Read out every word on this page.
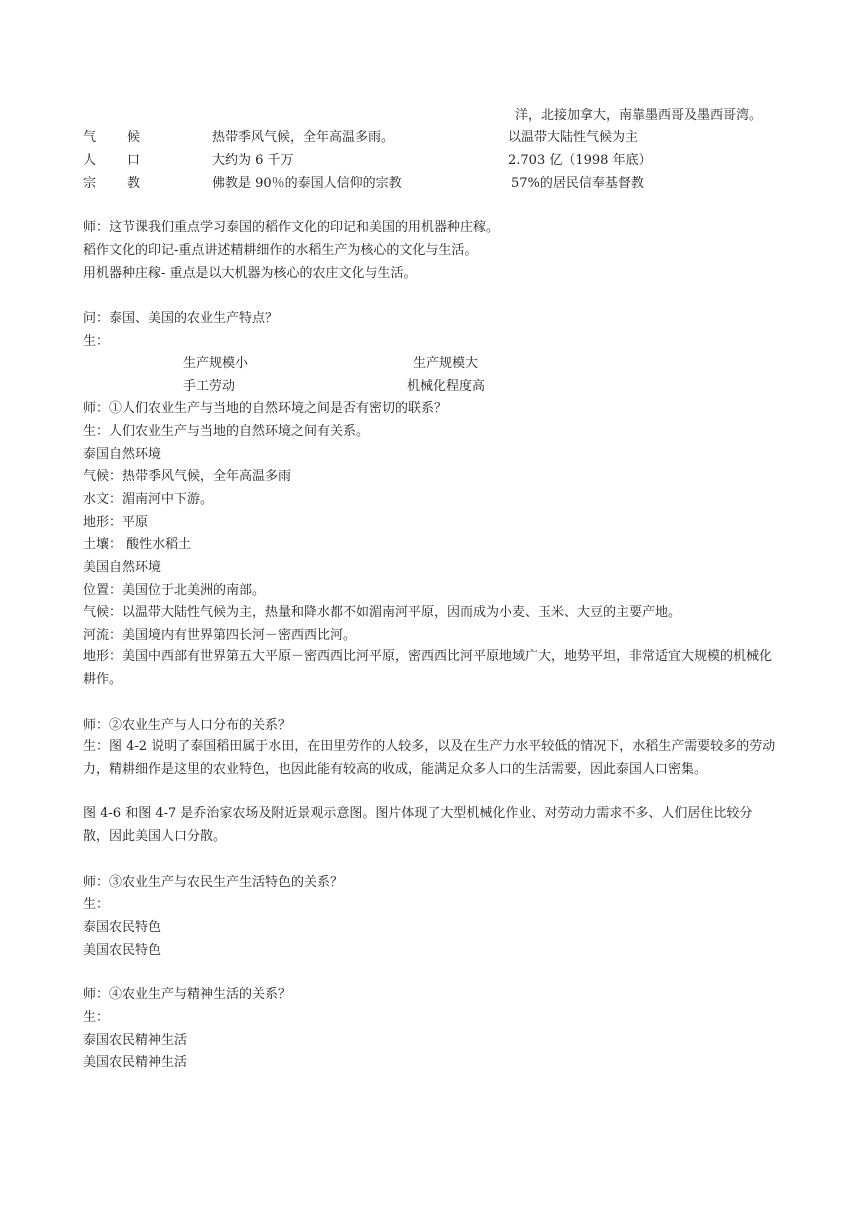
洋，北接加拿大，南靠墨西哥及墨西哥湾。
气 候	热带季风气候，全年高温多雨。	以温带大陆性气候为主
人 口	大约为 6 千万	2.703 亿（1998 年底）
宗 教	佛教是 90％的泰国人信仰的宗教	57%的居民信奉基督教
师：这节课我们重点学习泰国的稻作文化的印记和美国的用机器种庄稼。
稻作文化的印记-重点讲述精耕细作的水稻生产为核心的文化与生活。
用机器种庄稼- 重点是以大机器为核心的农庄文化与生活。
问：泰国、美国的农业生产特点？
生：
生产规模小	生产规模大
手工劳动	机械化程度高
师：①人们农业生产与当地的自然环境之间是否有密切的联系？
生：人们农业生产与当地的自然环境之间有关系。
泰国自然环境
气候：热带季风气候，全年高温多雨
水文：湄南河中下游。
地形：平原
土壤： 酸性水稻土
美国自然环境
位置：美国位于北美洲的南部。
气候：以温带大陆性气候为主，热量和降水都不如湄南河平原，因而成为小麦、玉米、大豆的主要产地。
河流：美国境内有世界第四长河－密西西比河。
地形：美国中西部有世界第五大平原－密西西比河平原，密西西比河平原地域广大，地势平坦，非常适宜大规模的机械化耕作。
师：②农业生产与人口分布的关系？
生：图 4-2 说明了泰国稻田属于水田，在田里劳作的人较多，以及在生产力水平较低的情况下，水稻生产需要较多的劳动力，精耕细作是这里的农业特色，也因此能有较高的收成，能满足众多人口的生活需要，因此泰国人口密集。
图 4-6 和图 4-7 是乔治家农场及附近景观示意图。图片体现了大型机械化作业、对劳动力需求不多、人们居住比较分散，因此美国人口分散。
师：③农业生产与农民生产生活特色的关系？
生：
泰国农民特色
美国农民特色
师：④农业生产与精神生活的关系？
生：
泰国农民精神生活
美国农民精神生活
